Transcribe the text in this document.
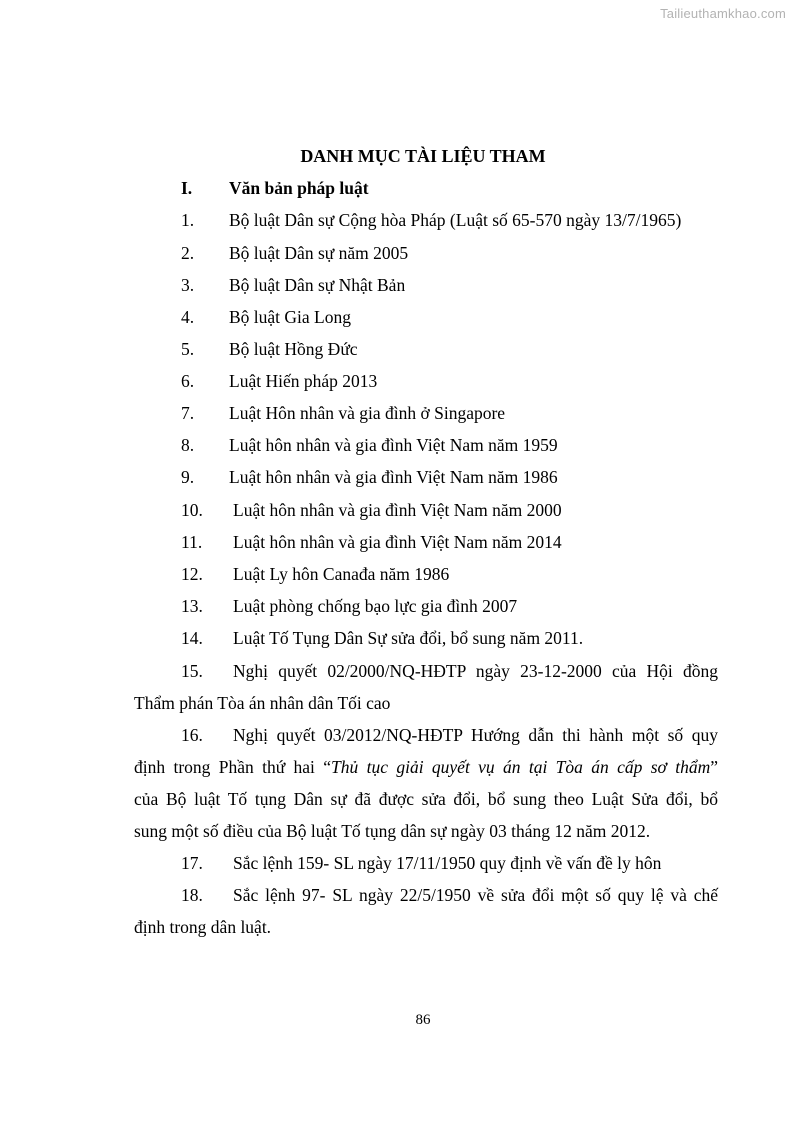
Tailieuthamkhao.com
DANH MỤC TÀI LIỆU THAM
I. Văn bản pháp luật
1. Bộ luật Dân sự Cộng hòa Pháp (Luật số 65-570 ngày 13/7/1965)
2. Bộ luật Dân sự năm 2005
3. Bộ luật Dân sự Nhật Bản
4. Bộ luật Gia Long
5. Bộ luật Hồng Đức
6. Luật Hiến pháp 2013
7. Luật Hôn nhân và gia đình ở Singapore
8. Luật hôn nhân và gia đình Việt Nam năm 1959
9. Luật hôn nhân và gia đình Việt Nam năm 1986
10. Luật hôn nhân và gia đình Việt Nam năm 2000
11. Luật hôn nhân và gia đình Việt Nam năm 2014
12. Luật Ly hôn Canađa năm 1986
13. Luật phòng chống bạo lực gia đình 2007
14. Luật Tố Tụng Dân Sự sửa đổi, bổ sung năm 2011.
15. Nghị quyết 02/2000/NQ-HĐTP ngày 23-12-2000 của Hội đồng
Thẩm phán Tòa án nhân dân Tối cao
16. Nghị quyết 03/2012/NQ-HĐTP Hướng dẫn thi hành một số quy
định trong Phần thứ hai “Thủ tục giải quyết vụ án tại Tòa án cấp sơ thẩm”
của Bộ luật Tố tụng Dân sự đã được sửa đổi, bổ sung theo Luật Sửa đổi, bổ
sung một số điều của Bộ luật Tố tụng dân sự ngày 03 tháng 12 năm 2012.
17. Sắc lệnh 159- SL ngày 17/11/1950 quy định về vấn đề ly hôn
18. Sắc lệnh 97- SL ngày 22/5/1950 về sửa đổi một số quy lệ và chế
định trong dân luật.
86
